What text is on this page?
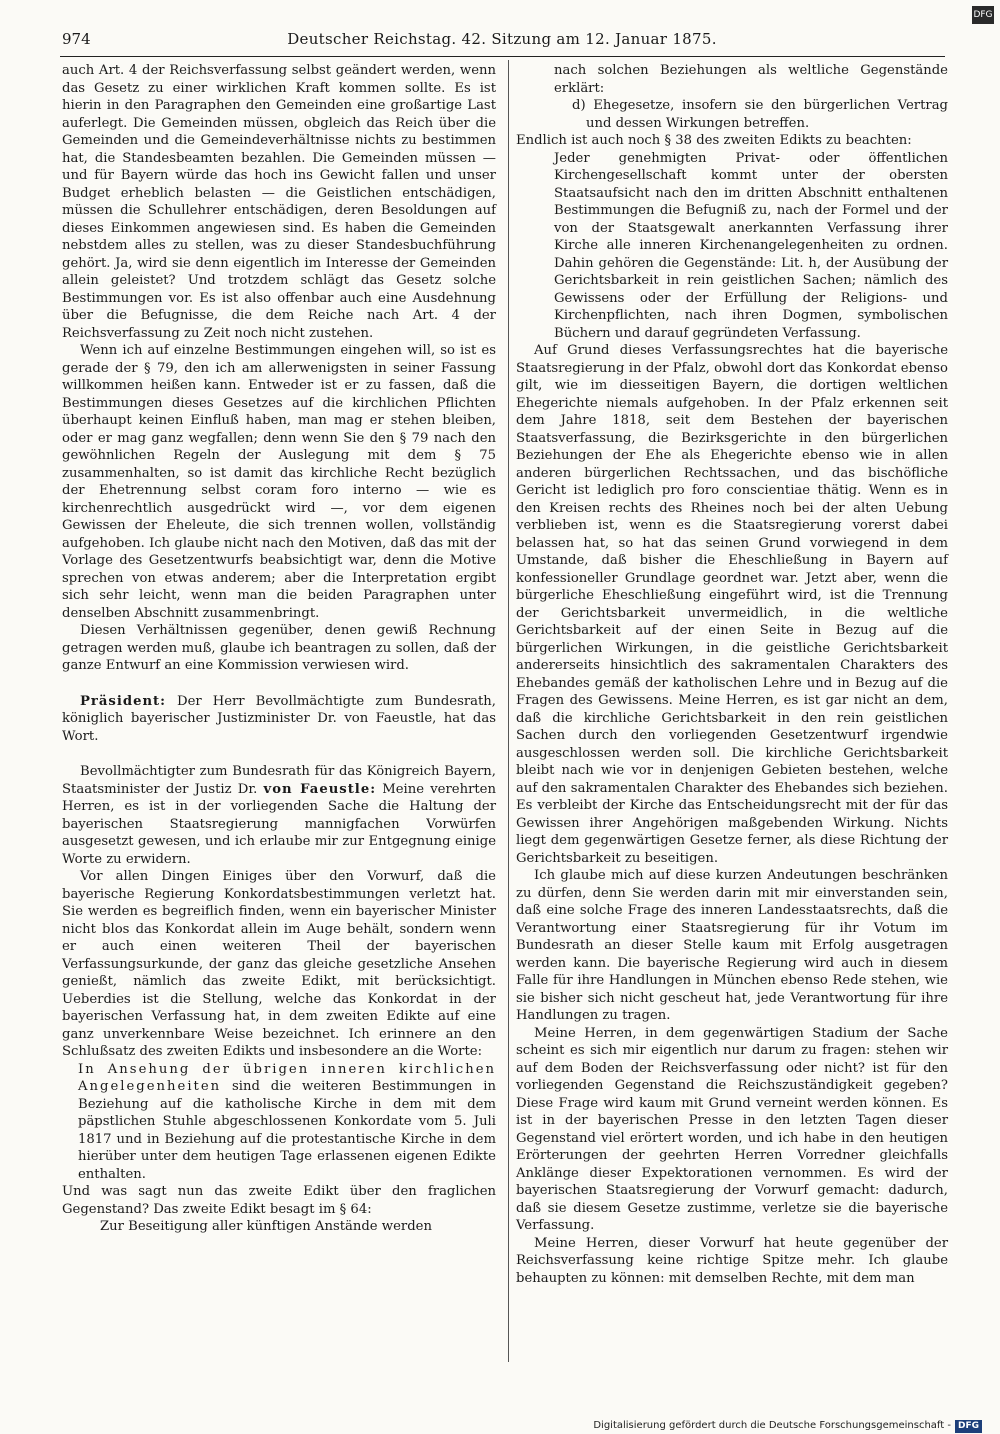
DFG
974	Deutscher Reichstag. 42. Sitzung am 12. Januar 1875.

auch Art. 4 der Reichsverfassung selbst geändert werden, wenn das Gesetz zu einer wirklichen Kraft kommen sollte. Es ist hierin in den Paragraphen den Gemeinden eine großartige Last auferlegt. Die Gemeinden müssen, obgleich das Reich über die Gemeinden und die Gemeindeverhältnisse nichts zu bestimmen hat, die Standesbeamten bezahlen. Die Gemeinden müssen — und für Bayern würde das hoch ins Gewicht fallen und unser Budget erheblich belasten — die Geistlichen entschädigen, müssen die Schullehrer entschädigen, deren Besoldungen auf dieses Einkommen angewiesen sind. Es haben die Gemeinden nebstdem alles zu stellen, was zu dieser Standesbuchführung gehört. Ja, wird sie denn eigentlich im Interesse der Gemeinden allein geleistet? Und trotzdem schlägt das Gesetz solche Bestimmungen vor. Es ist also offenbar auch eine Ausdehnung über die Befugnisse, die dem Reiche nach Art. 4 der Reichsverfassung zu Zeit noch nicht zustehen.

Wenn ich auf einzelne Bestimmungen eingehen will, so ist es gerade der § 79, den ich am allerwenigsten in seiner Fassung willkommen heißen kann. Entweder ist er zu fassen, daß die Bestimmungen dieses Gesetzes auf die kirchlichen Pflichten überhaupt keinen Einfluß haben, man mag er stehen bleiben, oder er mag ganz wegfallen; denn wenn Sie den § 79 nach den gewöhnlichen Regeln der Auslegung mit dem § 75 zusammenhalten, so ist damit das kirchliche Recht bezüglich der Ehetrennung selbst coram foro interno — wie es kirchenrechtlich ausgedrückt wird —, vor dem eigenen Gewissen der Eheleute, die sich trennen wollen, vollständig aufgehoben. Ich glaube nicht nach den Motiven, daß das mit der Vorlage des Gesetzentwurfs beabsichtigt war, denn die Motive sprechen von etwas anderem; aber die Interpretation ergibt sich sehr leicht, wenn man die beiden Paragraphen unter denselben Abschnitt zusammenbringt.

Diesen Verhältnissen gegenüber, denen gewiß Rechnung getragen werden muß, glaube ich beantragen zu sollen, daß der ganze Entwurf an eine Kommission verwiesen wird.

Präsident: Der Herr Bevollmächtigte zum Bundesrath, königlich bayerischer Justizminister Dr. von Faeustle, hat das Wort.

Bevollmächtigter zum Bundesrath für das Königreich Bayern, Staatsminister der Justiz Dr. von Faeustle: Meine verehrten Herren, es ist in der vorliegenden Sache die Haltung der bayerischen Staatsregierung mannigfachen Vorwürfen ausgesetzt gewesen, und ich erlaube mir zur Entgegnung einige Worte zu erwidern.

Vor allen Dingen Einiges über den Vorwurf, daß die bayerische Regierung Konkordatsbestimmungen verletzt hat. Sie werden es begreiflich finden, wenn ein bayerischer Minister nicht blos das Konkordat allein im Auge behält, sondern wenn er auch einen weiteren Theil der bayerischen Verfassungsurkunde, der ganz das gleiche gesetzliche Ansehen genießt, nämlich das zweite Edikt, mit berücksichtigt. Ueberdies ist die Stellung, welche das Konkordat in der bayerischen Verfassung hat, in dem zweiten Edikte auf eine ganz unverkennbare Weise bezeichnet. Ich erinnere an den Schlußsatz des zweiten Edikts und insbesondere an die Worte:

In Ansehung der übrigen inneren kirchlichen Angelegenheiten sind die weiteren Bestimmungen in Beziehung auf die katholische Kirche in dem mit dem päpstlichen Stuhle abgeschlossenen Konkordate vom 5. Juli 1817 und in Beziehung auf die protestantische Kirche in dem hierüber unter dem heutigen Tage erlassenen eigenen Edikte enthalten.

Und was sagt nun das zweite Edikt über den fraglichen Gegenstand? Das zweite Edikt besagt im § 64:

Zur Beseitigung aller künftigen Anstände werden

nach solchen Beziehungen als weltliche Gegenstände erklärt:

d) Ehegesetze, insofern sie den bürgerlichen Vertrag und dessen Wirkungen betreffen.

Endlich ist auch noch § 38 des zweiten Edikts zu beachten:

Jeder genehmigten Privat- oder öffentlichen Kirchengesellschaft kommt unter der obersten Staatsaufsicht nach den im dritten Abschnitt enthaltenen Bestimmungen die Befugniß zu, nach der Formel und der von der Staatsgewalt anerkannten Verfassung ihrer Kirche alle inneren Kirchenangelegenheiten zu ordnen. Dahin gehören die Gegenstände: Lit. h, der Ausübung der Gerichtsbarkeit in rein geistlichen Sachen; nämlich des Gewissens oder der Erfüllung der Religions- und Kirchenpflichten, nach ihren Dogmen, symbolischen Büchern und darauf gegründeten Verfassung.

Auf Grund dieses Verfassungsrechtes hat die bayerische Staatsregierung in der Pfalz, obwohl dort das Konkordat ebenso gilt, wie im diesseitigen Bayern, die dortigen weltlichen Ehegerichte niemals aufgehoben. In der Pfalz erkennen seit dem Jahre 1818, seit dem Bestehen der bayerischen Staatsverfassung, die Bezirksgerichte in den bürgerlichen Beziehungen der Ehe als Ehegerichte ebenso wie in allen anderen bürgerlichen Rechtssachen, und das bischöfliche Gericht ist lediglich pro foro conscientiae thätig. Wenn es in den Kreisen rechts des Rheines noch bei der alten Uebung verblieben ist, wenn es die Staatsregierung vorerst dabei belassen hat, so hat das seinen Grund vorwiegend in dem Umstande, daß bisher die Eheschließung in Bayern auf konfessioneller Grundlage geordnet war. Jetzt aber, wenn die bürgerliche Eheschließung eingeführt wird, ist die Trennung der Gerichtsbarkeit unvermeidlich, in die weltliche Gerichtsbarkeit auf der einen Seite in Bezug auf die bürgerlichen Wirkungen, in die geistliche Gerichtsbarkeit andererseits hinsichtlich des sakramentalen Charakters des Ehebandes gemäß der katholischen Lehre und in Bezug auf die Fragen des Gewissens. Meine Herren, es ist gar nicht an dem, daß die kirchliche Gerichtsbarkeit in den rein geistlichen Sachen durch den vorliegenden Gesetzentwurf irgendwie ausgeschlossen werden soll. Die kirchliche Gerichtsbarkeit bleibt nach wie vor in denjenigen Gebieten bestehen, welche auf den sakramentalen Charakter des Ehebandes sich beziehen. Es verbleibt der Kirche das Entscheidungsrecht mit der für das Gewissen ihrer Angehörigen maßgebenden Wirkung. Nichts liegt dem gegenwärtigen Gesetze ferner, als diese Richtung der Gerichtsbarkeit zu beseitigen.

Ich glaube mich auf diese kurzen Andeutungen beschränken zu dürfen, denn Sie werden darin mit mir einverstanden sein, daß eine solche Frage des inneren Landesstaatsrechts, daß die Verantwortung einer Staatsregierung für ihr Votum im Bundesrath an dieser Stelle kaum mit Erfolg ausgetragen werden kann. Die bayerische Regierung wird auch in diesem Falle für ihre Handlungen in München ebenso Rede stehen, wie sie bisher sich nicht gescheut hat, jede Verantwortung für ihre Handlungen zu tragen.

Meine Herren, in dem gegenwärtigen Stadium der Sache scheint es sich mir eigentlich nur darum zu fragen: stehen wir auf dem Boden der Reichsverfassung oder nicht? ist für den vorliegenden Gegenstand die Reichszuständigkeit gegeben? Diese Frage wird kaum mit Grund verneint werden können. Es ist in der bayerischen Presse in den letzten Tagen dieser Gegenstand viel erörtert worden, und ich habe in den heutigen Erörterungen der geehrten Herren Vorredner gleichfalls Anklänge dieser Expektorationen vernommen. Es wird der bayerischen Staatsregierung der Vorwurf gemacht: dadurch, daß sie diesem Gesetze zustimme, verletze sie die bayerische Verfassung.

Meine Herren, dieser Vorwurf hat heute gegenüber der Reichsverfassung keine richtige Spitze mehr. Ich glaube behaupten zu können: mit demselben Rechte, mit dem man

Digitalisierung gefördert durch die Deutsche Forschungsgemeinschaft - DFG
